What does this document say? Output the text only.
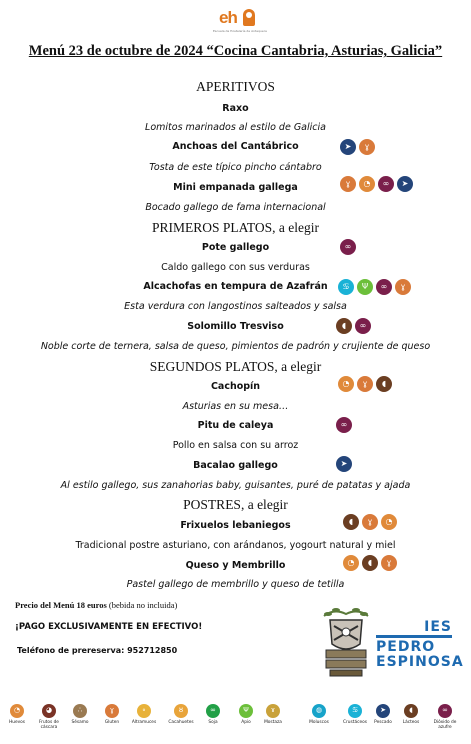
eh
Escuela de Hostelería de Antequera
Menú 23 de octubre de 2024 “Cocina Cantabria, Asturias, Galicia”
APERITIVOS
Raxo
Lomitos marinados al estilo de Galicia
Anchoas del Cantábrico	➤	ɣ
Tosta de este típico pincho cántabro
Mini empanada gallega	ɣ	◔	∞	➤
Bocado gallego de fama internacional
PRIMEROS PLATOS, a elegir
Pote gallego	∞
Caldo gallego con sus verduras
Alcachofas en tempura de Azafrán	♋	Ψ	∞	ɣ
Esta verdura con langostinos salteados y salsa
Solomillo Tresviso	◖	∞
Noble corte de ternera, salsa de queso, pimientos de padrón y crujiente de queso
SEGUNDOS PLATOS, a elegir
Cachopín	◔	ɣ	◖
Asturias en su mesa…
Pitu de caleya	∞
Pollo en salsa con su arroz
Bacalao gallego	➤
Al estilo gallego, sus zanahorias baby, guisantes, puré de patatas y ajada
POSTRES, a elegir
Frixuelos lebaniegos	◖	ɣ	◔
Tradicional postre asturiano, con arándanos, yogourt natural y miel
Queso y Membrillo	◔	◖	ɣ
Pastel gallego de membrillo y queso de tetilla
Precio del Menú 18 euros (bebida no incluida)
¡PAGO EXCLUSIVAMENTE EN EFECTIVO!
Teléfono de prereserva: 952712850
IES
PEDRO
ESPINOSA
◔
Huevos
◕
Frutos de cáscara
∴
Sésamo
ɣ
Gluten
∘
Altramuces
ȣ
Cacahuetes
∞
Soja
Ψ
Apio
ɤ
Mostaza
◍
Moluscos
♋
Crustáceos
➤
Pescado
◖
Lácteos
∞
Dióxido de azufre
